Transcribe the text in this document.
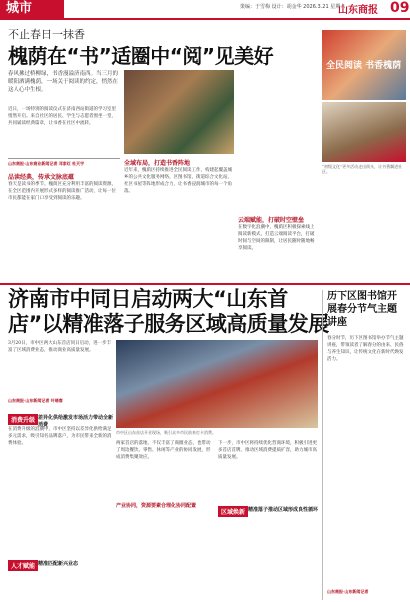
城市	策编：于雪梅 设计：胡金华 2026.3.21 星期六
山东商报 09
不止春日一抹香
槐荫在“书”适圈中“阅”见美好
春风拂过桥柳绿，书香漫溢济南西。当三月的暖阳洒满槐荫，一场关于阅读的约定，悄然在这人心中生根。
近日，一场特别的阅读仪式在济南西站街道的学习室里悄然开启。来自社区的居民、学生与志愿者围坐一堂，共同诵读经典篇章，让书香在社区中流转。
山东商报·山东商业新闻记者 邓家红 杜天宇
品读经典，传承文脉底蕴
春天是读书的季节。槐荫区充分利用丰富的阅读资源，在全区范围内开展形式多样的阅读推广活动，让每一位市民都能在家门口享受到阅读的乐趣。
全域布局，打造书香阵地
近年来，槐荫区持续推进全民阅读工作，构建起覆盖城乡的公共文化服务网络。区图书馆、街道综合文化站、社区书屋等阵地形成合力，让书香浸润城市的每一个角落。
云端赋能，打破时空壁垒
在数字化浪潮中，槐荫区积极探索线上阅读新模式，打造云端阅读平台，打破时间与空间的限制，让居民随时随地畅享阅读。
全民阅读 书香槐荫
“初级文化”更多活动走出街头，让书香飘进社区。
济南市中同日启动两大“山东首店”以精准落子服务区域高质量发展
3月20日，市中区两大山东首店同日启动，进一步丰富了区域消费业态，推动商业高质量发展。
山东商报·山东新闻记者 叶绪春
消费升级 差异化供给激发市场活力带动全新消费
在消费升级的浪潮中，市中区坚持以差异化供给满足多元需求，吸引知名品牌落户，为市民带来全新的消费体验。
人才赋能 精准匹配新兴业态
市中区山东首店开业现场，吸引众多市民前来打卡消费。
两家首店的落地，不仅丰富了商圈业态，也带动了周边餐饮、零售、休闲等产业的协同发展，形成消费集聚效应。
产业协同，资源要素合理化协同配置
下一步，市中区将持续优化营商环境，积极引进更多首店首牌，推动区域消费提质扩容，助力城市高质量发展。
区域焕新 精准落子推动区域形成良性循环
历下区图书馆开展春分节气主题讲座
春分时节，历下区图书馆举办节气主题讲座，带领读者了解春分的由来、民俗与养生知识，让传统文化在新时代焕发活力。
山东商报·山东新闻记者
